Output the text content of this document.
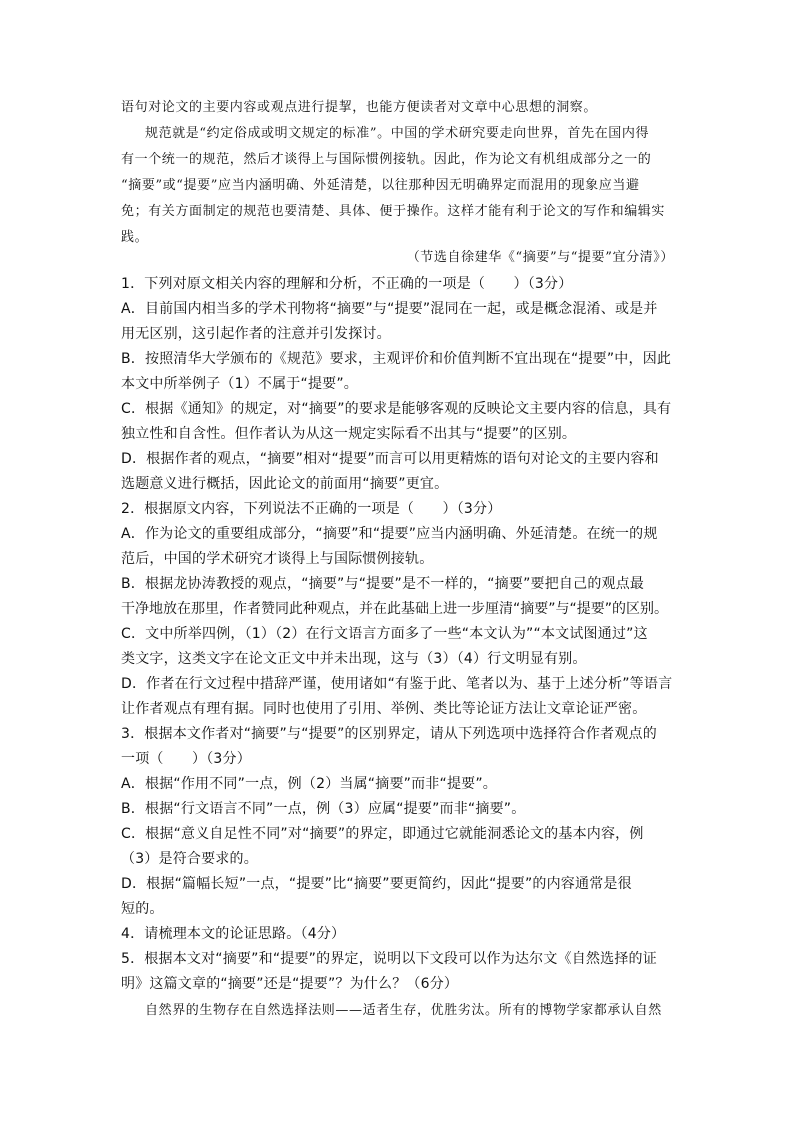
语句对论文的主要内容或观点进行提挈，也能方便读者对文章中心思想的洞察。
规范就是“约定俗成或明文规定的标准”。中国的学术研究要走向世界，首先在国内得
有一个统一的规范，然后才谈得上与国际惯例接轨。因此，作为论文有机组成部分之一的
“摘要”或“提要”应当内涵明确、外延清楚，以往那种因无明确界定而混用的现象应当避
免；有关方面制定的规范也要清楚、具体、便于操作。这样才能有利于论文的写作和编辑实
践。
（节选自徐建华《“摘要”与“提要”宜分清》）
1．下列对原文相关内容的理解和分析，不正确的一项是（　　）（3分）
A．目前国内相当多的学术刊物将“摘要”与“提要”混同在一起，或是概念混淆、或是并
用无区别，这引起作者的注意并引发探讨。
B．按照清华大学颁布的《规范》要求，主观评价和价值判断不宜出现在“提要”中，因此
本文中所举例子（1）不属于“提要”。
C．根据《通知》的规定，对“摘要”的要求是能够客观的反映论文主要内容的信息，具有
独立性和自含性。但作者认为从这一规定实际看不出其与“提要”的区别。
D．根据作者的观点，“摘要”相对“提要”而言可以用更精炼的语句对论文的主要内容和
选题意义进行概括，因此论文的前面用“摘要”更宜。
2．根据原文内容，下列说法不正确的一项是（　　）（3分）
A．作为论文的重要组成部分，“摘要”和“提要”应当内涵明确、外延清楚。在统一的规
范后，中国的学术研究才谈得上与国际惯例接轨。
B．根据龙协涛教授的观点，“摘要”与“提要”是不一样的，“摘要”要把自己的观点最
干净地放在那里，作者赞同此种观点，并在此基础上进一步厘清“摘要”与“提要”的区别。
C．文中所举四例，（1）（2）在行文语言方面多了一些“本文认为”“本文试图通过”这
类文字，这类文字在论文正文中并未出现，这与（3）（4）行文明显有别。
D．作者在行文过程中措辞严谨，使用诸如“有鉴于此、笔者以为、基于上述分析”等语言
让作者观点有理有据。同时也使用了引用、举例、类比等论证方法让文章论证严密。
3．根据本文作者对“摘要”与“提要”的区别界定，请从下列选项中选择符合作者观点的
一项（　　）（3分）
A．根据“作用不同”一点，例（2）当属“摘要”而非“提要”。
B．根据“行文语言不同”一点，例（3）应属“提要”而非“摘要”。
C．根据“意义自足性不同”对“摘要”的界定，即通过它就能洞悉论文的基本内容，例
（3）是符合要求的。
D．根据“篇幅长短”一点，“提要”比“摘要”要更简约，因此“提要”的内容通常是很
短的。
4．请梳理本文的论证思路。（4分）
5．根据本文对“摘要”和“提要”的界定，说明以下文段可以作为达尔文《自然选择的证
明》这篇文章的“摘要”还是“提要”？为什么？（6分）
自然界的生物存在自然选择法则——适者生存，优胜劣汰。所有的博物学家都承认自然
